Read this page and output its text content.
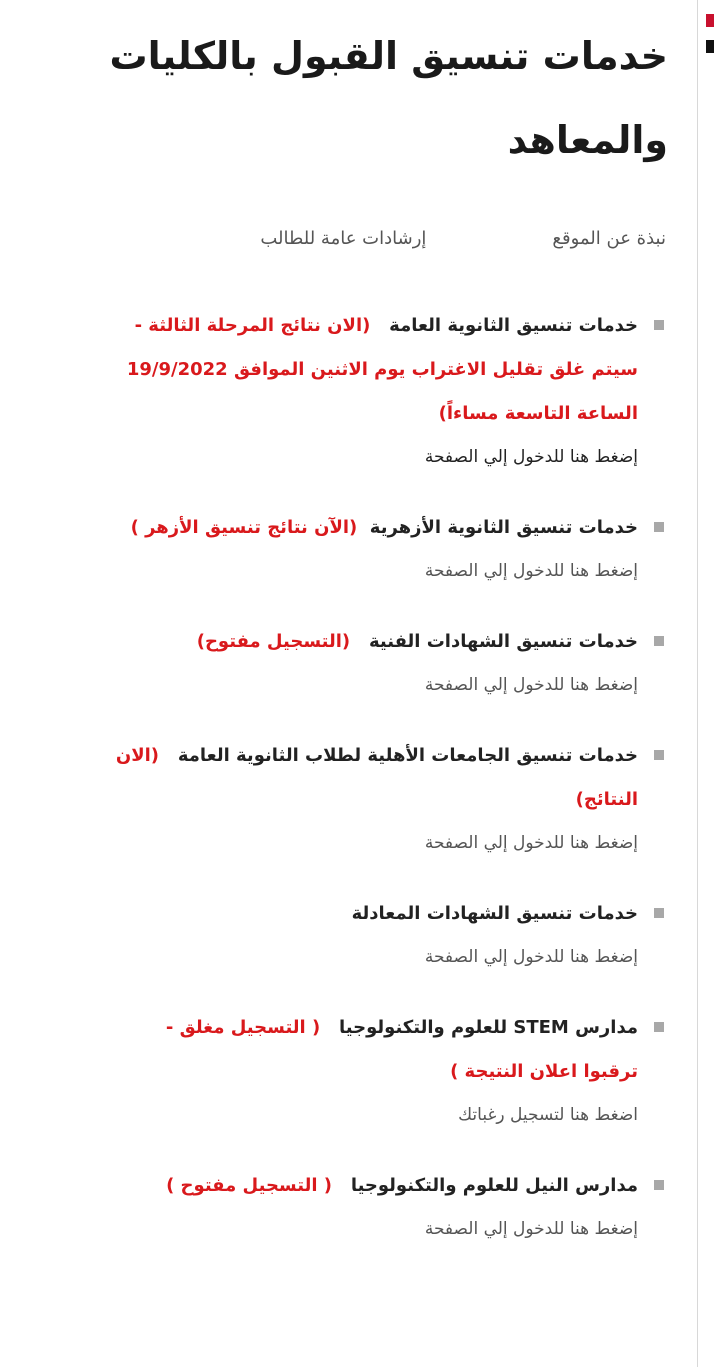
خدمات تنسيق القبول بالكليات والمعاهد
نبذة عن الموقع
إرشادات عامة للطالب
خدمات تنسيق الثانوية العامة   (الان نتائج المرحلة الثالثة - سيتم غلق تقليل الاغتراب يوم الاثنين الموافق 19/9/2022 الساعة التاسعة مساءاً)
إضغط هنا للدخول إلي الصفحة
خدمات تنسيق الثانوية الأزهرية  (الآن نتائج تنسيق الأزهر )
إضغط هنا للدخول إلي الصفحة
خدمات تنسيق الشهادات الفنية   (التسجيل مفتوح)
إضغط هنا للدخول إلي الصفحة
خدمات تنسيق الجامعات الأهلية لطلاب الثانوية العامة   (الان النتائج)
إضغط هنا للدخول إلي الصفحة
خدمات تنسيق الشهادات المعادلة
إضغط هنا للدخول إلي الصفحة
مدارس STEM للعلوم والتكنولوجيا   ( التسجيل مغلق - ترقبوا اعلان النتيجة )
اضغط هنا لتسجيل رغباتك
مدارس النيل للعلوم والتكنولوجيا   ( التسجيل مفتوح )
إضغط هنا للدخول إلي الصفحة
